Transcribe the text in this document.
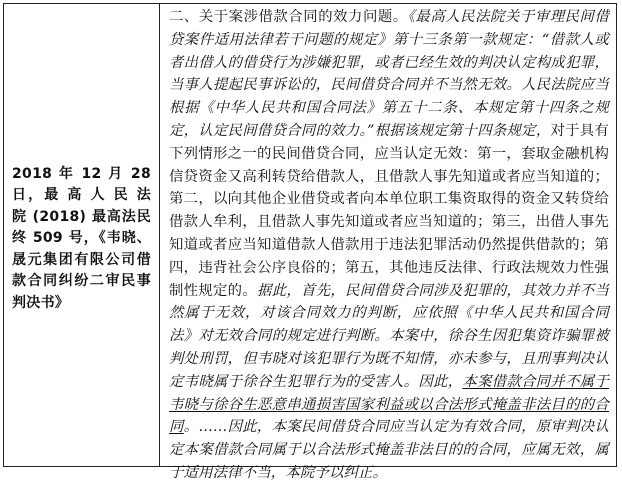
2018 年 12 月 28 日，最 高 人 民 法 院 (2018) 最高法民终 509 号，《韦晓、晟元集团有限公司借款合同纠纷二审民事判决书》

二、关于案涉借款合同的效力问题。《最高人民法院关于审理民间借贷案件适用法律若干问题的规定》第十三条第一款规定：“借款人或者出借人的借贷行为涉嫌犯罪，或者已经生效的判决认定构成犯罪，当事人提起民事诉讼的，民间借贷合同并不当然无效。人民法院应当根据《中华人民共和国合同法》第五十二条、本规定第十四条之规定，认定民间借贷合同的效力。”根据该规定第十四条规定，对于具有下列情形之一的民间借贷合同，应当认定无效：第一，套取金融机构信贷资金又高利转贷给借款人，且借款人事先知道或者应当知道的；第二，以向其他企业借贷或者向本单位职工集资取得的资金又转贷给借款人牟利，且借款人事先知道或者应当知道的；第三，出借人事先知道或者应当知道借款人借款用于违法犯罪活动仍然提供借款的；第四，违背社会公序良俗的；第五，其他违反法律、行政法规效力性强制性规定的。据此，首先，民间借贷合同涉及犯罪的，其效力并不当然属于无效，对该合同效力的判断，应依照《中华人民共和国合同法》对无效合同的规定进行判断。本案中，徐谷生因犯集资诈骗罪被判处刑罚，但韦晓对该犯罪行为既不知情，亦未参与，且刑事判决认定韦晓属于徐谷生犯罪行为的受害人。因此，本案借款合同并不属于韦晓与徐谷生恶意串通损害国家利益或以合法形式掩盖非法目的的合同。……因此，本案民间借贷合同应当认定为有效合同，原审判决认定本案借款合同属于以合法形式掩盖非法目的的合同，应属无效，属于适用法律不当，本院予以纠正。
